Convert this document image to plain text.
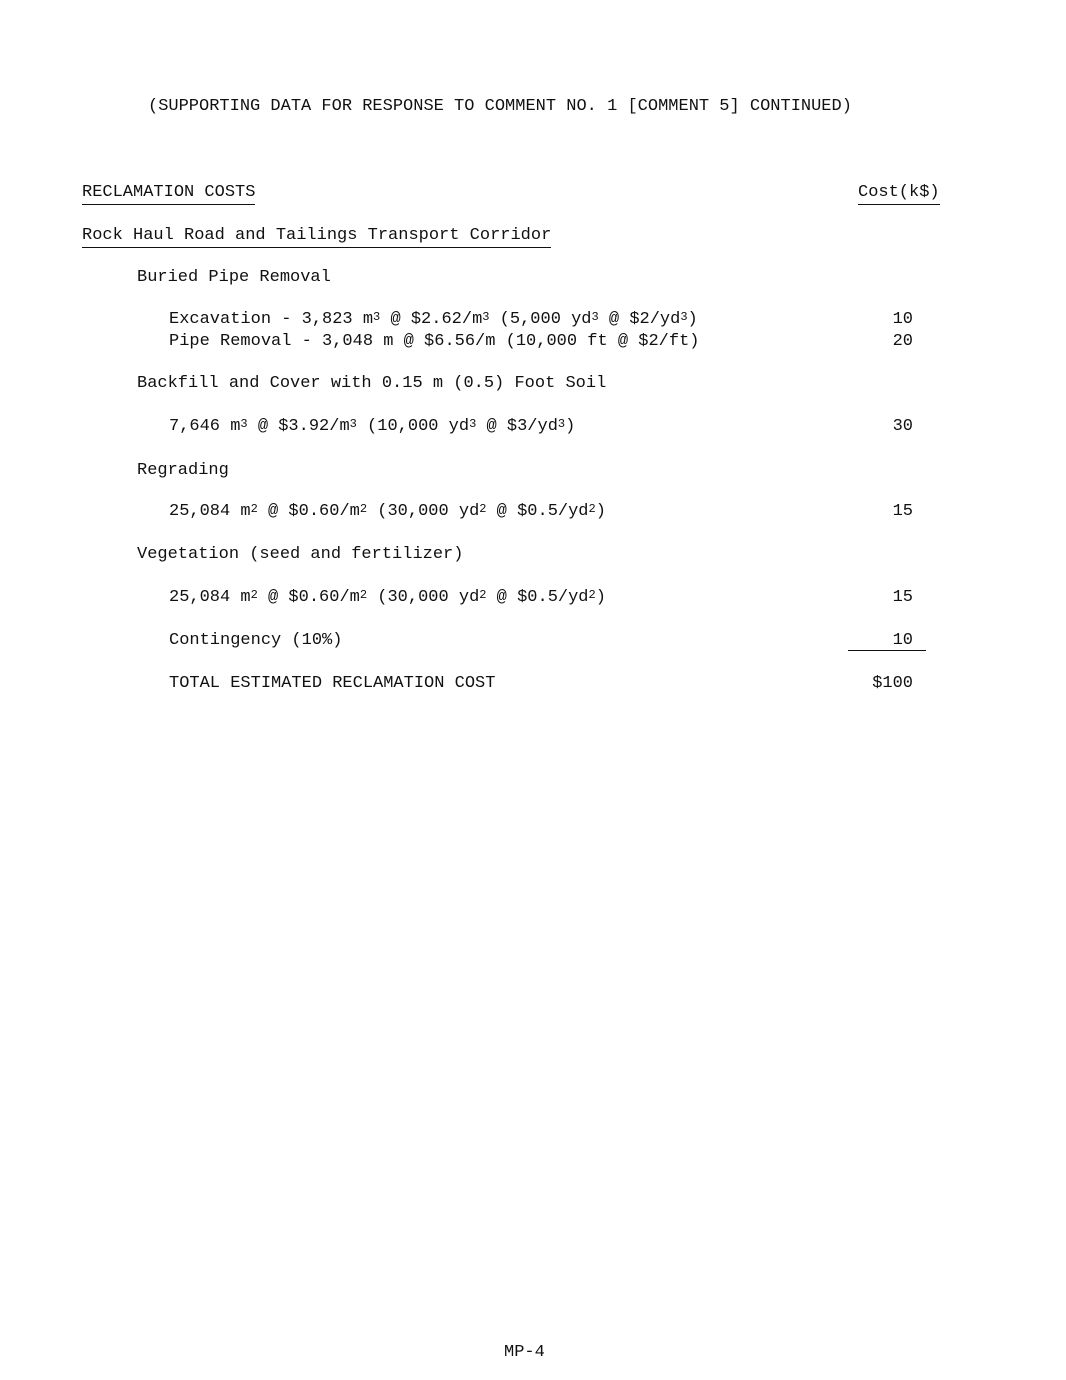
(SUPPORTING DATA FOR RESPONSE TO COMMENT NO. 1 [COMMENT 5] CONTINUED)
RECLAMATION COSTS	Cost(k$)
Rock Haul Road and Tailings Transport Corridor
Buried Pipe Removal
Excavation - 3,823 $m^3$ @ $\$2.62/m^3$ (5,000 $yd^3$ @ $\$2/yd^3$)	10
Pipe Removal - 3,048 m @ $6.56/m (10,000 ft @ $2/ft)	20
Backfill and Cover with 0.15 m (0.5) Foot Soil
7,646 $m^3$ @ $\$3.92/m^3$ (10,000 $yd^3$ @ $\$3/yd^3$)	30
Regrading
25,084 $m^2$ @ $\$0.60/m^2$ (30,000 $yd^2$ @ $\$0.5/yd^2$)	15
Vegetation (seed and fertilizer)
25,084 $m^2$ @ $\$0.60/m^2$ (30,000 $yd^2$ @ $\$0.5/yd^2$)	15
Contingency (10%)	10
TOTAL ESTIMATED RECLAMATION COST	$100
MP-4
